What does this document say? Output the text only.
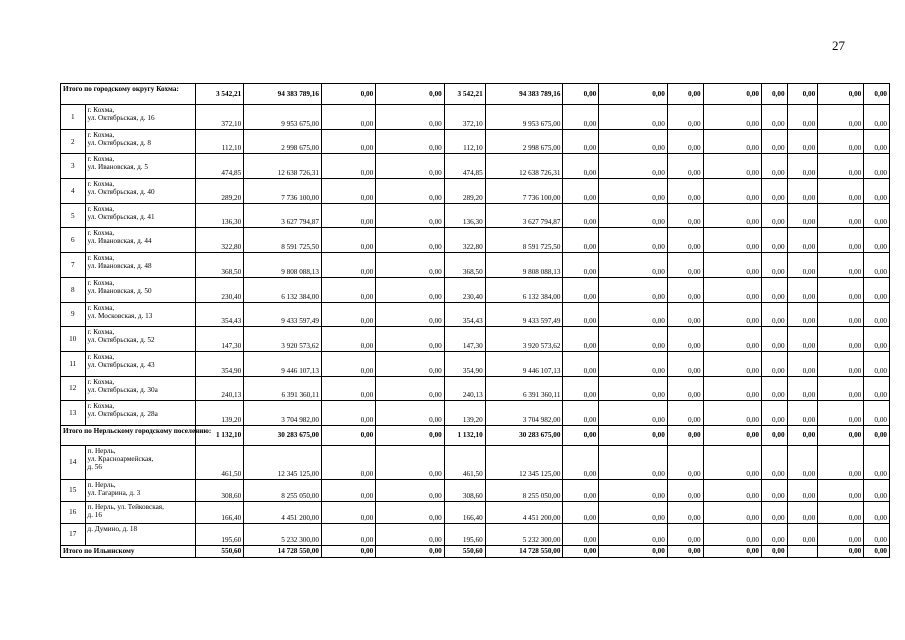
27
Итого по городскому округу Кохма:		3 542,21	94 383 789,16	0,00	0,00	3 542,21	94 383 789,16	0,00	0,00	0,00	0,00	0,00	0,00	0,00	0,00
1	г. Кохма,
ул. Октябрьская, д. 16	372,10	9 953 675,00	0,00	0,00	372,10	9 953 675,00	0,00	0,00	0,00	0,00	0,00	0,00	0,00	0,00
2	г. Кохма,
ул. Октябрьская, д. 8	112,10	2 998 675,00	0,00	0,00	112,10	2 998 675,00	0,00	0,00	0,00	0,00	0,00	0,00	0,00	0,00
3	г. Кохма,
ул. Ивановская, д. 5	474,85	12 638 726,31	0,00	0,00	474,85	12 638 726,31	0,00	0,00	0,00	0,00	0,00	0,00	0,00	0,00
4	г. Кохма,
ул. Октябрьская, д. 40	289,20	7 736 100,00	0,00	0,00	289,20	7 736 100,00	0,00	0,00	0,00	0,00	0,00	0,00	0,00	0,00
5	г. Кохма,
ул. Октябрьская, д. 41	136,30	3 627 794,87	0,00	0,00	136,30	3 627 794,87	0,00	0,00	0,00	0,00	0,00	0,00	0,00	0,00
6	г. Кохма,
ул. Ивановская, д. 44	322,80	8 591 725,50	0,00	0,00	322,80	8 591 725,50	0,00	0,00	0,00	0,00	0,00	0,00	0,00	0,00
7	г. Кохма,
ул. Ивановская, д. 48	368,50	9 808 088,13	0,00	0,00	368,50	9 808 088,13	0,00	0,00	0,00	0,00	0,00	0,00	0,00	0,00
8	г. Кохма,
ул. Ивановская, д. 50	230,40	6 132 384,00	0,00	0,00	230,40	6 132 384,00	0,00	0,00	0,00	0,00	0,00	0,00	0,00	0,00
9	г. Кохма,
ул. Московская, д. 13	354,43	9 433 597,49	0,00	0,00	354,43	9 433 597,49	0,00	0,00	0,00	0,00	0,00	0,00	0,00	0,00
10	г. Кохма,
ул. Октябрьская, д. 52	147,30	3 920 573,62	0,00	0,00	147,30	3 920 573,62	0,00	0,00	0,00	0,00	0,00	0,00	0,00	0,00
11	г. Кохма,
ул. Октябрьская, д. 43	354,90	9 446 107,13	0,00	0,00	354,90	9 446 107,13	0,00	0,00	0,00	0,00	0,00	0,00	0,00	0,00
12	г. Кохма,
ул. Октябрьская, д. 30а	240,13	6 391 360,11	0,00	0,00	240,13	6 391 360,11	0,00	0,00	0,00	0,00	0,00	0,00	0,00	0,00
13	г. Кохма,
ул. Октябрьская, д. 28а	139,20	3 704 982,00	0,00	0,00	139,20	3 704 982,00	0,00	0,00	0,00	0,00	0,00	0,00	0,00	0,00
Итого по Нерльскому городскому поселению:		1 132,10	30 283 675,00	0,00	0,00	1 132,10	30 283 675,00	0,00	0,00	0,00	0,00	0,00	0,00	0,00	0,00
14	п. Нерль,
ул. Красноармейская,
д. 56	461,50	12 345 125,00	0,00	0,00	461,50	12 345 125,00	0,00	0,00	0,00	0,00	0,00	0,00	0,00	0,00
15	п. Нерль,
ул. Гагарина, д. 3	308,60	8 255 050,00	0,00	0,00	308,60	8 255 050,00	0,00	0,00	0,00	0,00	0,00	0,00	0,00	0,00
16	п. Нерль, ул. Тейковская,
д. 16	166,40	4 451 200,00	0,00	0,00	166,40	4 451 200,00	0,00	0,00	0,00	0,00	0,00	0,00	0,00	0,00
17	д. Думино, д. 18	195,60	5 232 300,00	0,00	0,00	195,60	5 232 300,00	0,00	0,00	0,00	0,00	0,00	0,00	0,00	0,00
Итого по Ильинскому		550,60	14 728 550,00	0,00	0,00	550,60	14 728 550,00	0,00	0,00	0,00	0,00	0,00		0,00	0,00
